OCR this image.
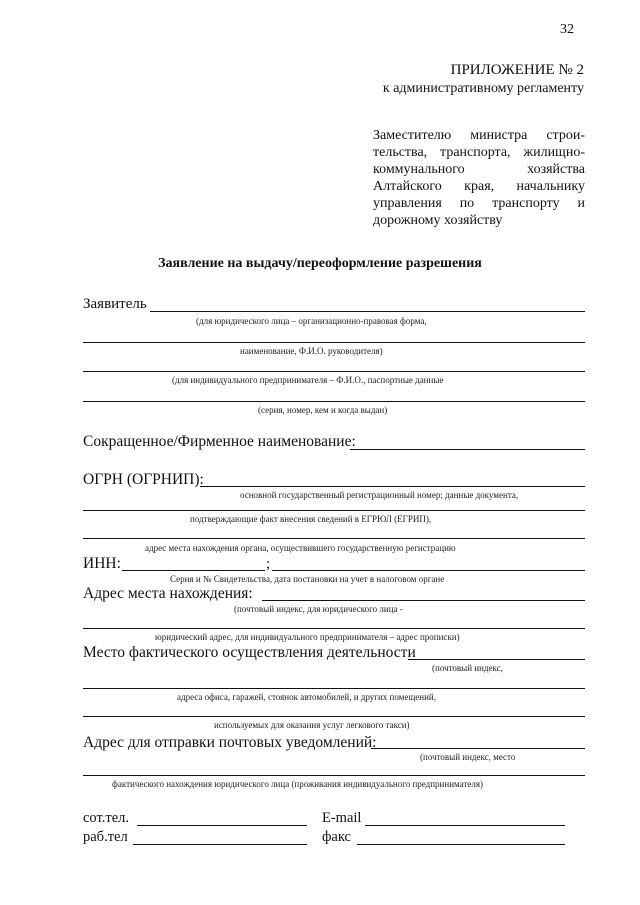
32
ПРИЛОЖЕНИЕ № 2
к административному регламенту
Заместителю министра строи-
тельства, транспорта, жилищно-
коммунального хозяйства
Алтайского края, начальнику
управления по транспорту и
дорожному хозяйству
Заявление на выдачу/переоформление разрешения
Заявитель
(для юридического лица – организационно-правовая форма,
наименование, Ф.И.О. руководителя)
(для индивидуального предпринимателя – Ф.И.О., паспортные данные
(серия, номер, кем и когда выдан)
Сокращенное/Фирменное наименование:
ОГРН (ОГРНИП):
основной государственный регистрационный номер; данные документа,
подтверждающие факт внесения сведений в ЕГРЮЛ (ЕГРИП),
адрес места нахождения органа, осуществившего государственную регистрацию
ИНН:	;
Серия и № Свидетельства, дата постановки на учет в налоговом органе
Адрес места нахождения:
(почтовый индекс, для юридического лица -
юридический адрес, для индивидуального предпринимателя – адрес прописки)
Место фактического осуществления деятельности
(почтовый индекс,
адреса офиса, гаражей, стоянок автомобилей, и других помещений,
используемых для оказания услуг легкового такси)
Адрес для отправки почтовых уведомлений:
(почтовый индекс, место
фактического нахождения юридического лица (проживания индивидуального предпринимателя)
сот.тел.	E-mail
раб.тел	факс
